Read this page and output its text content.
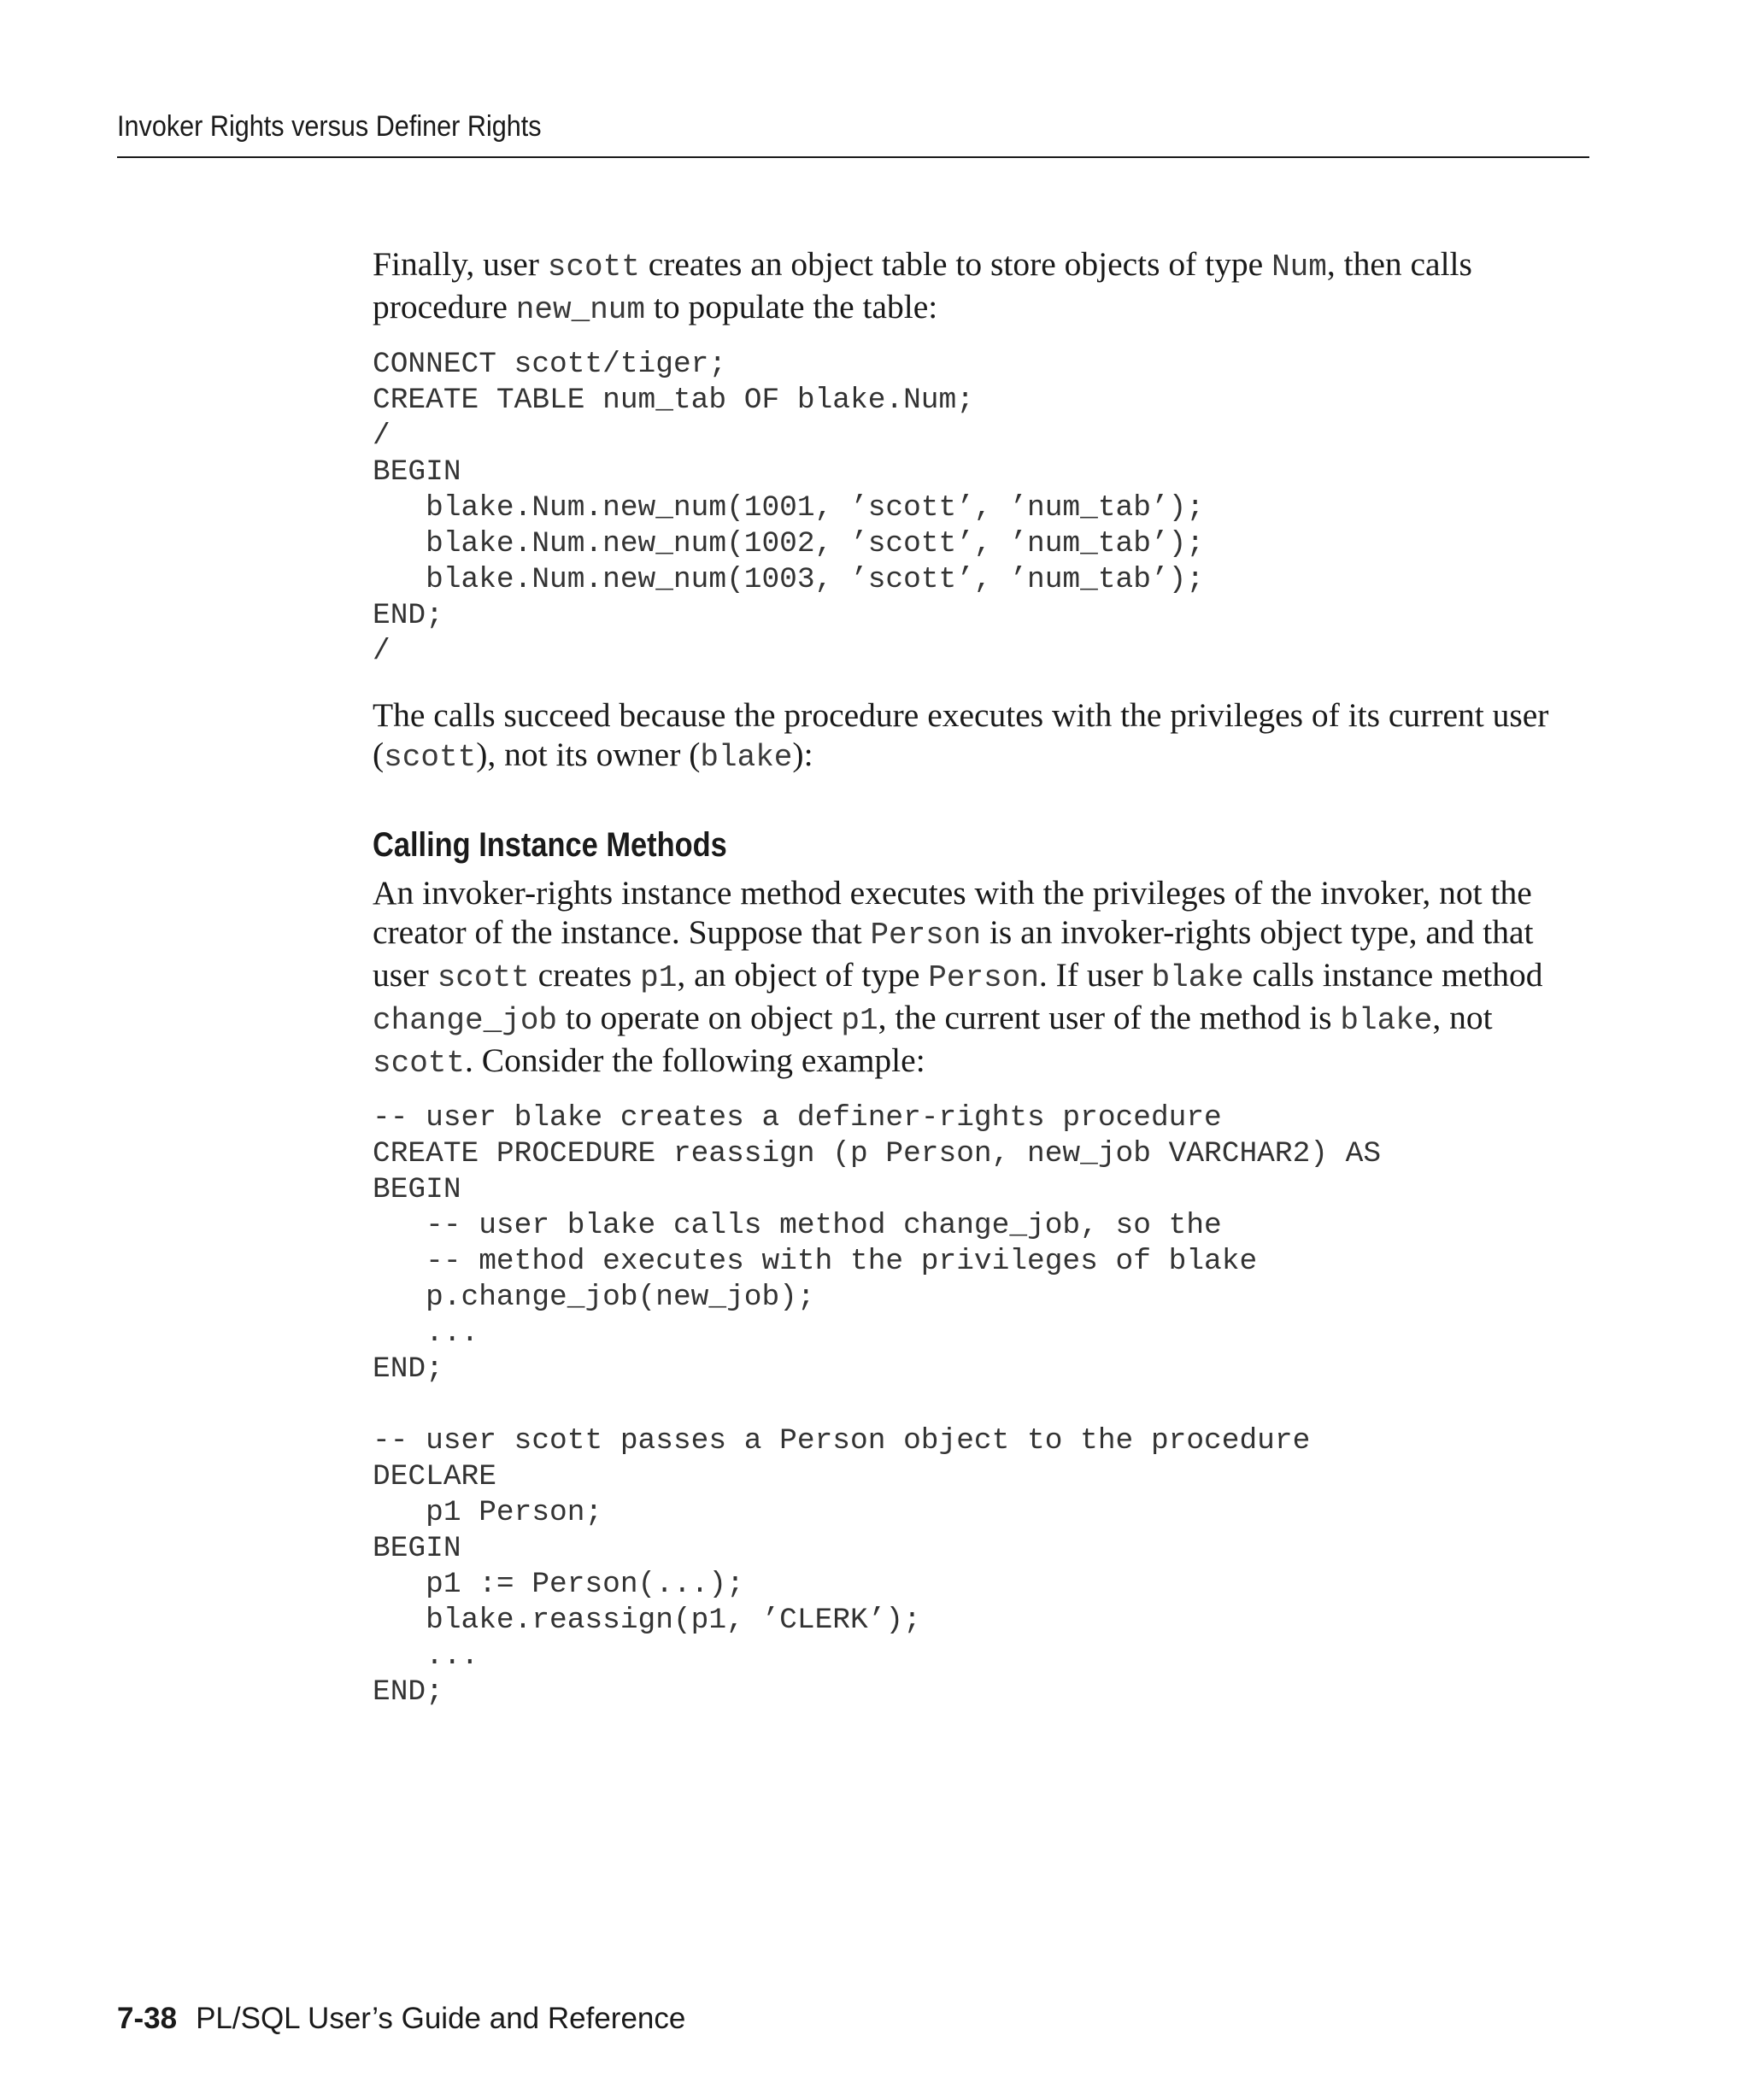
Invoker Rights versus Definer Rights

Finally, user scott creates an object table to store objects of type Num, then calls procedure new_num to populate the table:

CONNECT scott/tiger;
CREATE TABLE num_tab OF blake.Num;
/
BEGIN
blake.Num.new_num(1001, ’scott’, ’num_tab’);
blake.Num.new_num(1002, ’scott’, ’num_tab’);
blake.Num.new_num(1003, ’scott’, ’num_tab’);
END;
/

The calls succeed because the procedure executes with the privileges of its current user (scott), not its owner (blake):

Calling Instance Methods

An invoker-rights instance method executes with the privileges of the invoker, not the creator of the instance. Suppose that Person is an invoker-rights object type, and that user scott creates p1, an object of type Person. If user blake calls instance method change_job to operate on object p1, the current user of the method is blake, not scott. Consider the following example:

-- user blake creates a definer-rights procedure
CREATE PROCEDURE reassign (p Person, new_job VARCHAR2) AS
BEGIN
-- user blake calls method change_job, so the
-- method executes with the privileges of blake
p.change_job(new_job);
...
END;
-- user scott passes a Person object to the procedure
DECLARE
p1 Person;
BEGIN
p1 := Person(...);
blake.reassign(p1, ’CLERK’);
...
END;
7-38 PL/SQL User’s Guide and Reference
